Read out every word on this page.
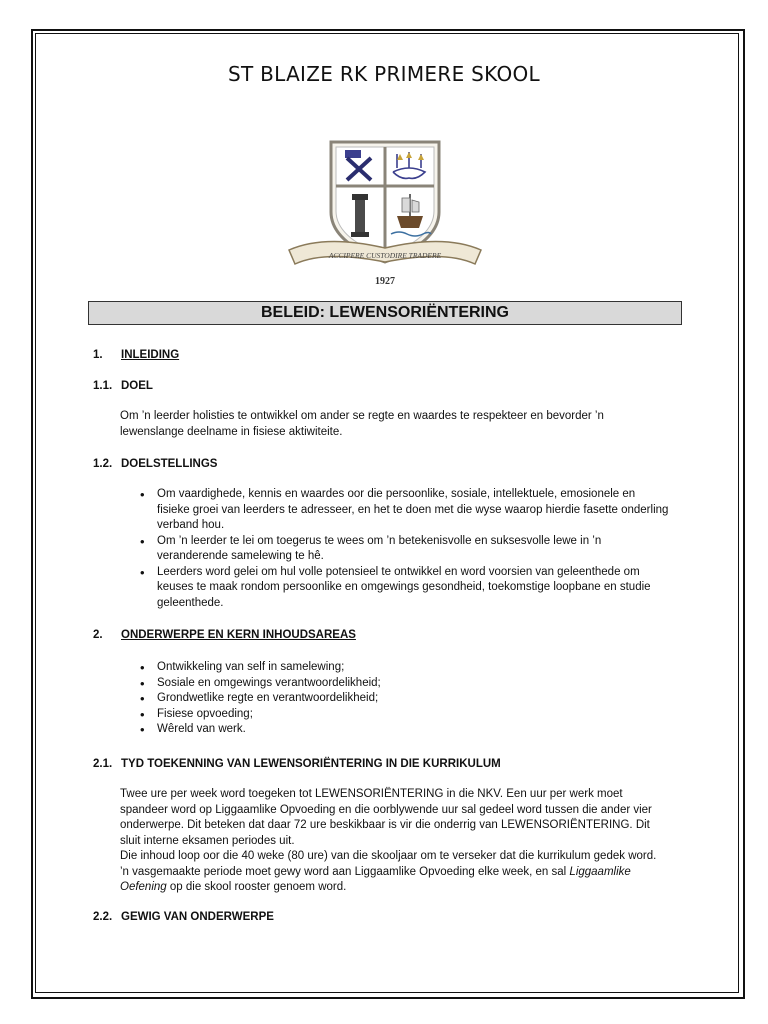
ST BLAIZE RK PRIMERE SKOOL
ACCIPERE CUSTODIRE TRADERE
1927
BELEID: LEWENSORIËNTERING
1. INLEIDING
1.1. DOEL
Om ’n leerder holisties te ontwikkel om ander se regte en waardes te respekteer en bevorder ’n
lewenslange deelname in fisiese aktiwiteite.
1.2. DOELSTELLINGS
• Om vaardighede, kennis en waardes oor die persoonlike, sosiale, intellektuele, emosionele en
fisieke groei van leerders te adresseer, en het te doen met die wyse waarop hierdie fasette onderling
verband hou.
• Om ’n leerder te lei om toegerus te wees om ’n betekenisvolle en suksesvolle lewe in ’n
veranderende samelewing te hê.
• Leerders word gelei om hul volle potensieel te ontwikkel en word voorsien van geleenthede om
keuses te maak rondom persoonlike en omgewings gesondheid, toekomstige loopbane en studie
geleenthede.
2. ONDERWERPE EN KERN INHOUDSAREAS
• Ontwikkeling van self in samelewing;
• Sosiale en omgewings verantwoordelikheid;
• Grondwetlike regte en verantwoordelikheid;
• Fisiese opvoeding;
• Wêreld van werk.
2.1. TYD TOEKENNING VAN LEWENSORIËNTERING IN DIE KURRIKULUM
Twee ure per week word toegeken tot LEWENSORIËNTERING in die NKV. Een uur per werk moet
spandeer word op Liggaamlike Opvoeding en die oorblywende uur sal gedeel word tussen die ander vier
onderwerpe. Dit beteken dat daar 72 ure beskikbaar is vir die onderrig van LEWENSORIËNTERING. Dit
sluit interne eksamen periodes uit.
Die inhoud loop oor die 40 weke (80 ure) van die skooljaar om te verseker dat die kurrikulum gedek word.
’n vasgemaakte periode moet gewy word aan Liggaamlike Opvoeding elke week, en sal Liggaamlike
Oefening op die skool rooster genoem word.
2.2. GEWIG VAN ONDERWERPE
